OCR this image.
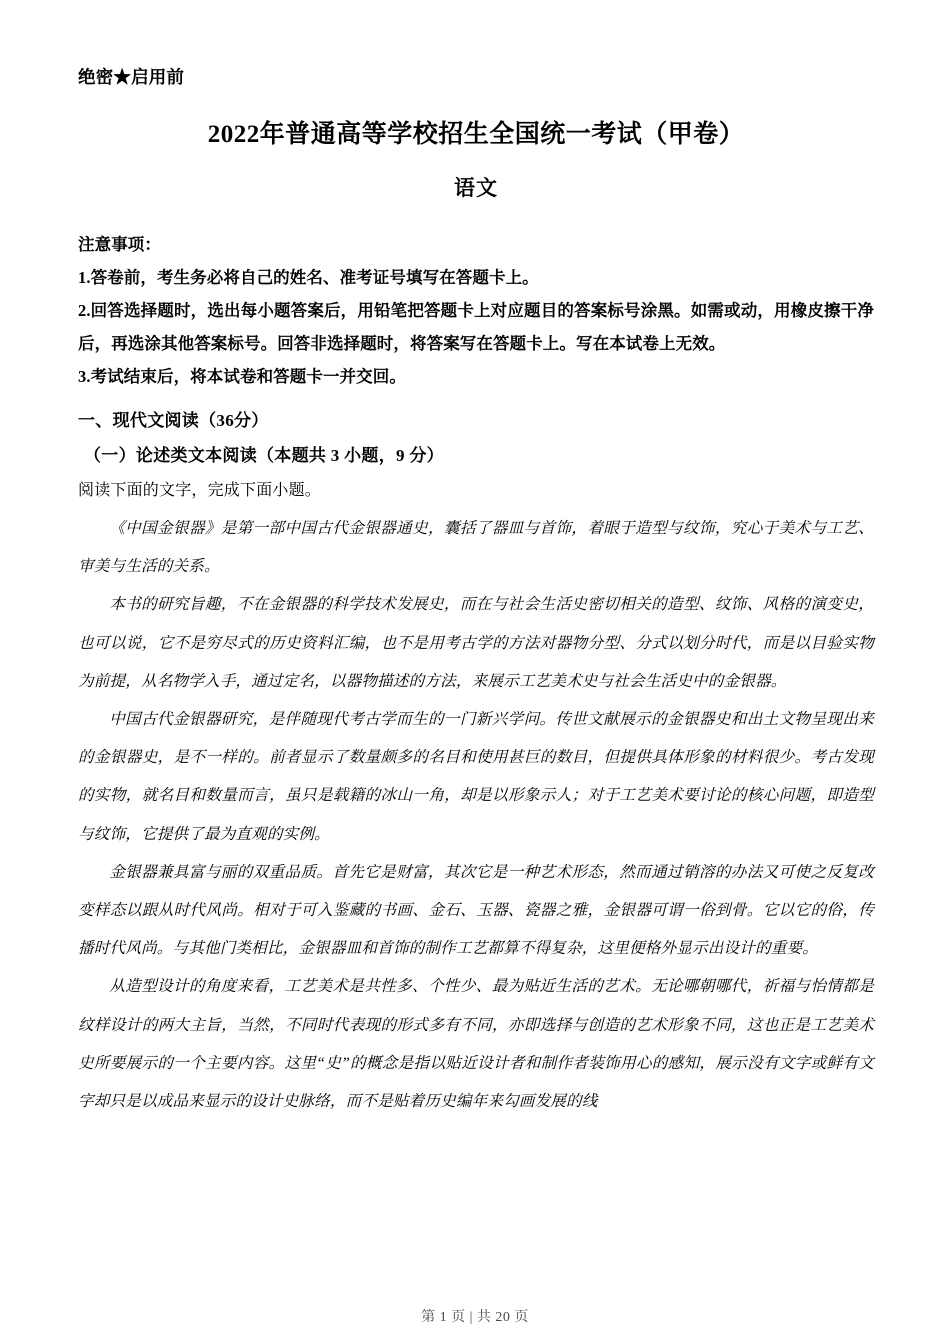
绝密★启用前
2022年普通高等学校招生全国统一考试（甲卷）
语文
注意事项：
1.答卷前，考生务必将自己的姓名、准考证号填写在答题卡上。
2.回答选择题时，选出每小题答案后，用铅笔把答题卡上对应题目的答案标号涂黑。如需或动，用橡皮擦干净后，再选涂其他答案标号。回答非选择题时，将答案写在答题卡上。写在本试卷上无效。
3.考试结束后，将本试卷和答题卡一并交回。
一、现代文阅读（36分）
（一）论述类文本阅读（本题共 3 小题，9 分）
阅读下面的文字，完成下面小题。

《中国金银器》是第一部中国古代金银器通史，囊括了器皿与首饰，着眼于造型与纹饰，究心于美术与工艺、审美与生活的关系。

本书的研究旨趣，不在金银器的科学技术发展史，而在与社会生活史密切相关的造型、纹饰、风格的演变史，也可以说，它不是穷尽式的历史资料汇编，也不是用考古学的方法对器物分型、分式以划分时代，而是以目验实物为前提，从名物学入手，通过定名，以器物描述的方法，来展示工艺美术史与社会生活史中的金银器。

中国古代金银器研究，是伴随现代考古学而生的一门新兴学问。传世文献展示的金银器史和出土文物呈现出来的金银器史，是不一样的。前者显示了数量颇多的名目和使用甚巨的数目，但提供具体形象的材料很少。考古发现的实物，就名目和数量而言，虽只是载籍的冰山一角，却是以形象示人；对于工艺美术要讨论的核心问题，即造型与纹饰，它提供了最为直观的实例。

金银器兼具富与丽的双重品质。首先它是财富，其次它是一种艺术形态，然而通过销溶的办法又可使之反复改变样态以跟从时代风尚。相对于可入鉴藏的书画、金石、玉器、瓷器之雅，金银器可谓一俗到骨。它以它的俗，传播时代风尚。与其他门类相比，金银器皿和首饰的制作工艺都算不得复杂，这里便格外显示出设计的重要。

从造型设计的角度来看，工艺美术是共性多、个性少、最为贴近生活的艺术。无论哪朝哪代，祈福与怡情都是纹样设计的两大主旨，当然，不同时代表现的形式多有不同，亦即选择与创造的艺术形象不同，这也正是工艺美术史所要展示的一个主要内容。这里“史”的概念是指以贴近设计者和制作者装饰用心的感知，展示没有文字或鲜有文字却只是以成品来显示的设计史脉络，而不是贴着历史编年来勾画发展的线

第 1 页 | 共 20 页
